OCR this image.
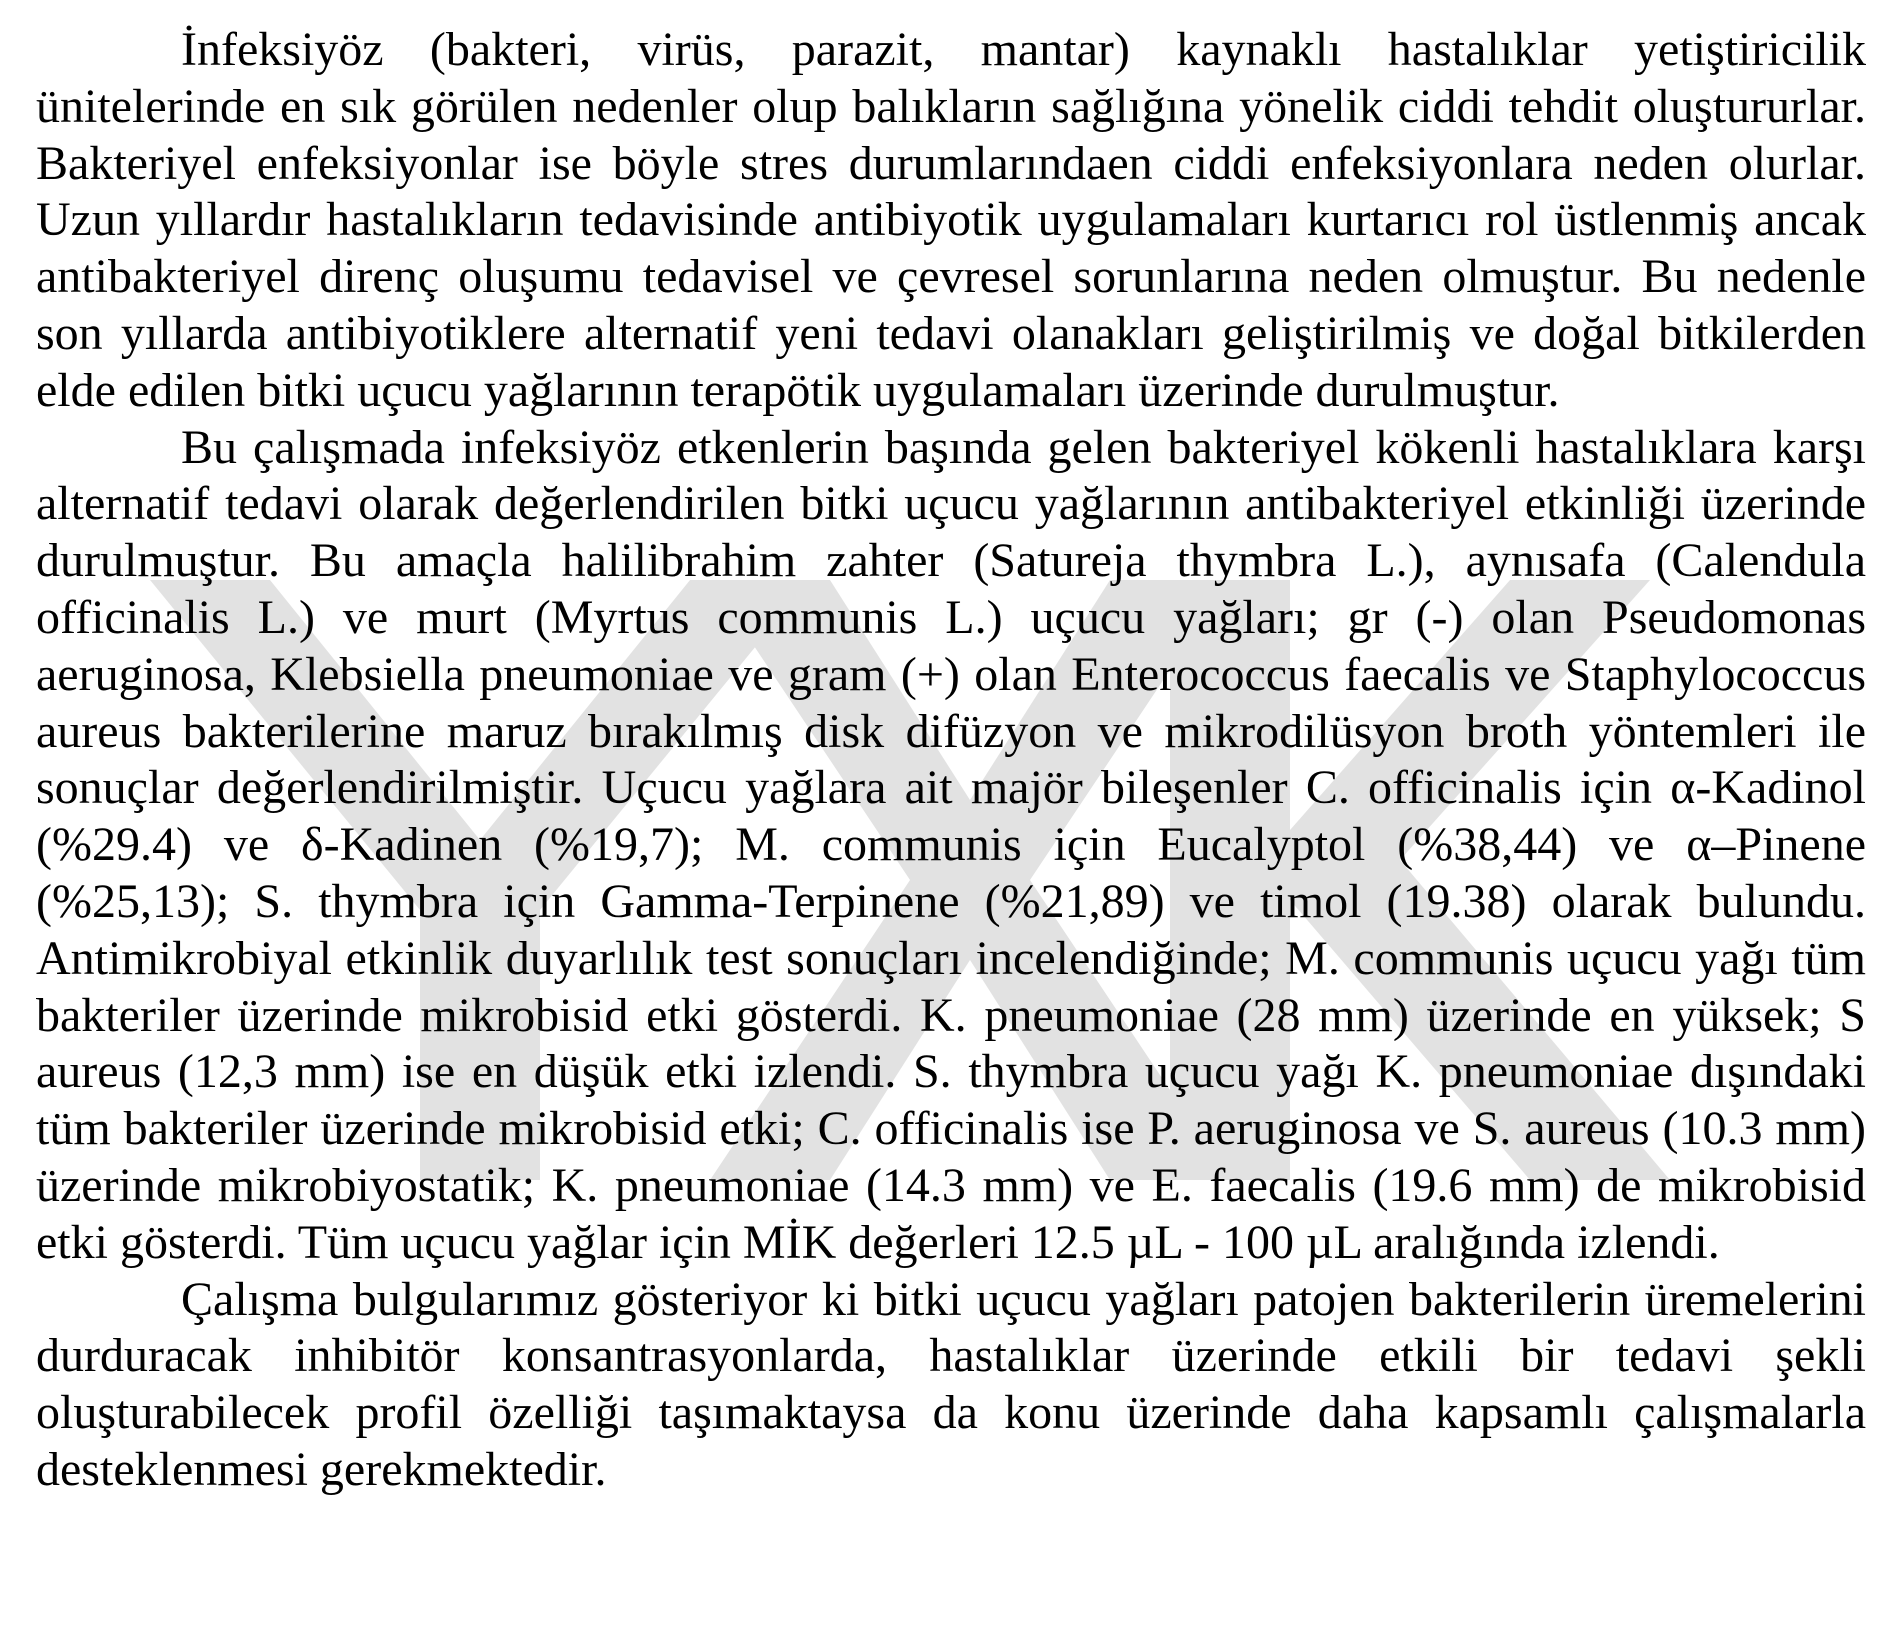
İnfeksiyöz (bakteri, virüs, parazit, mantar) kaynaklı hastalıklar yetiştiricilik ünitelerinde en sık görülen nedenler olup balıkların sağlığına yönelik ciddi tehdit oluştururlar. Bakteriyel enfeksiyonlar ise böyle stres durumlarındaen ciddi enfeksiyonlara neden olurlar. Uzun yıllardır hastalıkların tedavisinde antibiyotik uygulamaları kurtarıcı rol üstlenmiş ancak antibakteriyel direnç oluşumu tedavisel ve çevresel sorunlarına neden olmuştur. Bu nedenle son yıllarda antibiyotiklere alternatif yeni tedavi olanakları geliştirilmiş ve doğal bitkilerden elde edilen bitki uçucu yağlarının terapötik uygulamaları üzerinde durulmuştur.

Bu çalışmada infeksiyöz etkenlerin başında gelen bakteriyel kökenli hastalıklara karşı alternatif tedavi olarak değerlendirilen bitki uçucu yağlarının antibakteriyel etkinliği üzerinde durulmuştur. Bu amaçla halilibrahim zahter (Satureja thymbra L.), aynısafa (Calendula officinalis L.) ve murt (Myrtus communis L.) uçucu yağları; gr (-) olan Pseudomonas aeruginosa, Klebsiella pneumoniae ve gram (+) olan Enterococcus faecalis ve Staphylococcus aureus bakterilerine maruz bırakılmış disk difüzyon ve mikrodilüsyon broth yöntemleri ile sonuçlar değerlendirilmiştir. Uçucu yağlara ait majör bileşenler C. officinalis için α-Kadinol (%29.4) ve δ-Kadinen (%19,7); M. communis için Eucalyptol (%38,44) ve α–Pinene (%25,13); S. thymbra için Gamma-Terpinene (%21,89) ve timol (19.38) olarak bulundu. Antimikrobiyal etkinlik duyarlılık test sonuçları incelendiğinde; M. communis uçucu yağı tüm bakteriler üzerinde mikrobisid etki gösterdi. K. pneumoniae (28 mm) üzerinde en yüksek; S aureus (12,3 mm) ise en düşük etki izlendi. S. thymbra uçucu yağı K. pneumoniae dışındaki tüm bakteriler üzerinde mikrobisid etki; C. officinalis ise P. aeruginosa ve S. aureus (10.3 mm) üzerinde mikrobiyostatik; K. pneumoniae (14.3 mm) ve E. faecalis (19.6 mm) de mikrobisid etki gösterdi. Tüm uçucu yağlar için MİK değerleri 12.5 µL - 100 µL aralığında izlendi.

Çalışma bulgularımız gösteriyor ki bitki uçucu yağları patojen bakterilerin üremelerini durduracak inhibitör konsantrasyonlarda, hastalıklar üzerinde etkili bir tedavi şekli oluşturabilecek profil özelliği taşımaktaysa da konu üzerinde daha kapsamlı çalışmalarla desteklenmesi gerekmektedir.
